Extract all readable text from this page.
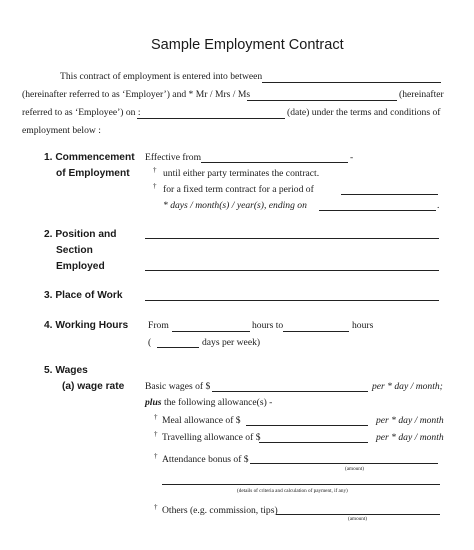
Sample Employment Contract
This contract of employment is entered into between
(hereinafter referred to as ‘Employer’) and * Mr / Mrs / Ms	(hereinafter
referred to as ‘Employee’) on :	(date) under the terms and conditions of
employment below :
1. Commencement
of Employment
Effective from	-
† until either party terminates the contract.
† for a fixed term contract for a period of
* days / month(s) / year(s), ending on	.
2. Position and
Section
Employed
3. Place of Work
4. Working Hours From	hours to	hours
(	days per week)
5. Wages
(a) wage rate Basic wages of $	per * day / month;
plus the following allowance(s) -
† Meal allowance of $	per * day / month
† Travelling allowance of $	per * day / month
† Attendance bonus of $
(amount)
(details of criteria and calculation of payment, if any)
† Others (e.g. commission, tips)
(amount)
